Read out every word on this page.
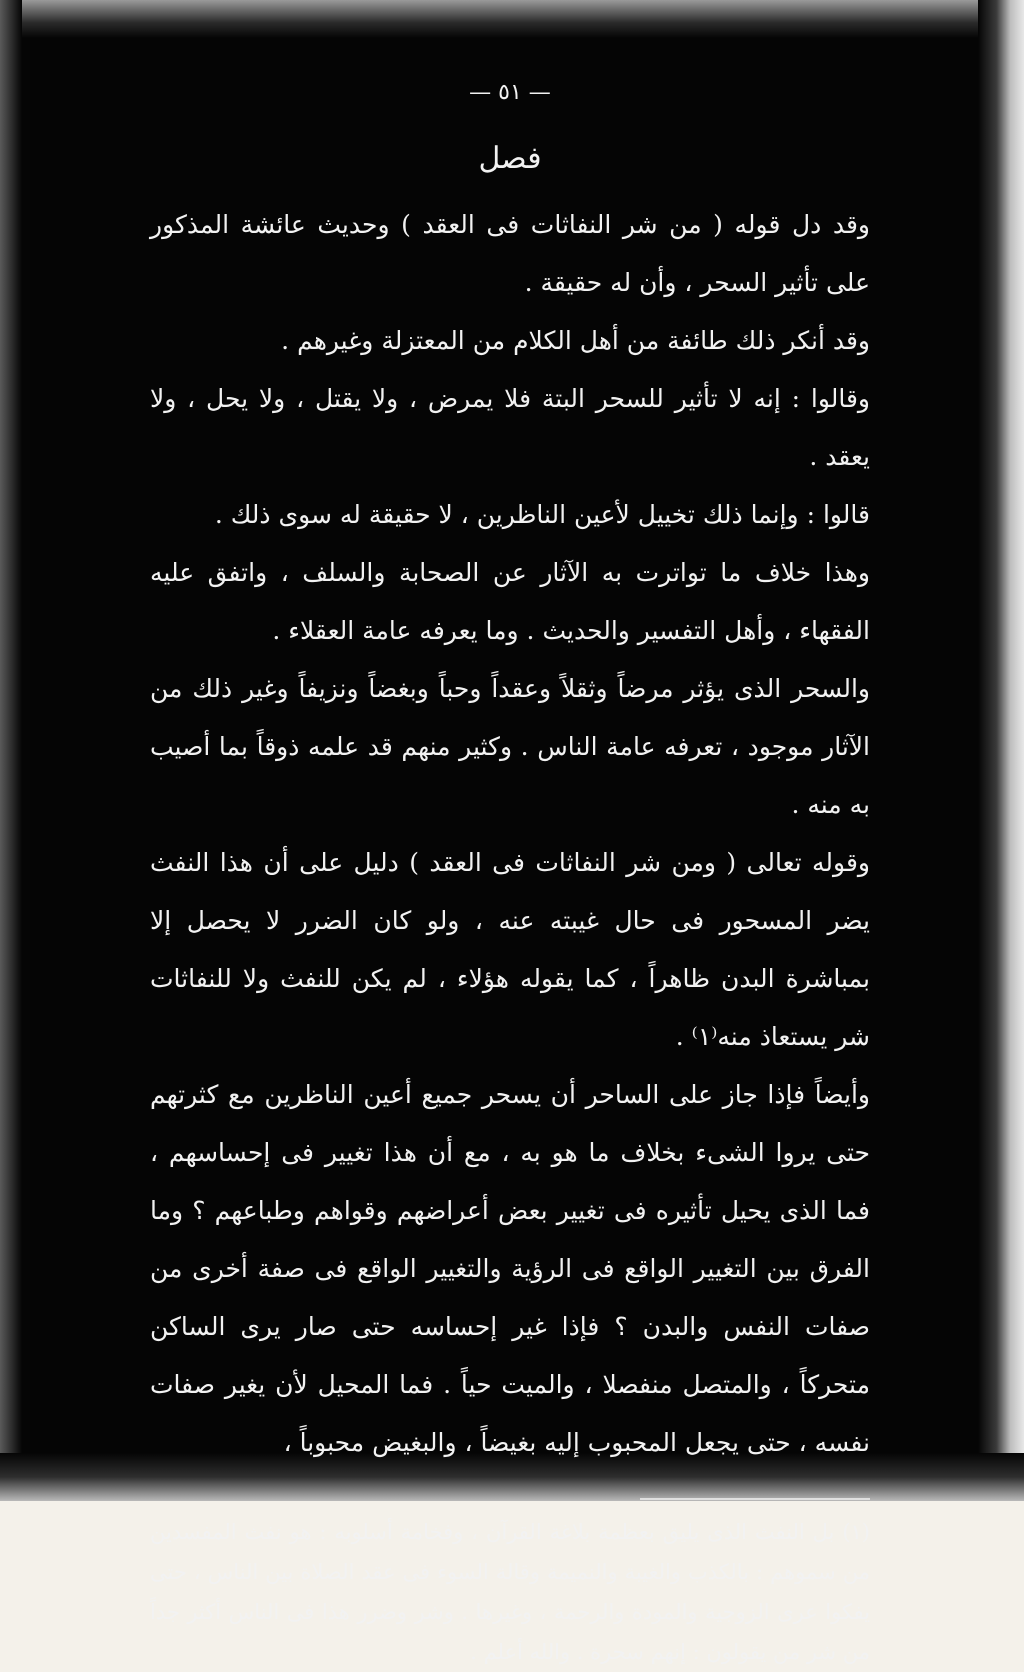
— ٥١ —
فصل

وقد دل قوله ( من شر النفاثات فى العقد ) وحديث عائشة المذكور على تأثير السحر ، وأن له حقيقة .

وقد أنكر ذلك طائفة من أهل الكلام من المعتزلة وغيرهم .

وقالوا : إنه لا تأثير للسحر البتة فلا يمرض ، ولا يقتل ، ولا يحل ، ولا يعقد .

قالوا : وإنما ذلك تخييل لأعين الناظرين ، لا حقيقة له سوى ذلك .

وهذا خلاف ما تواترت به الآثار عن الصحابة والسلف ، واتفق عليه الفقهاء ، وأهل التفسير والحديث . وما يعرفه عامة العقلاء .

والسحر الذى يؤثر مرضاً وثقلاً وعقداً وحباً وبغضاً ونزيفاً وغير ذلك من الآثار موجود ، تعرفه عامة الناس . وكثير منهم قد علمه ذوقاً بما أصيب به منه .

وقوله تعالى ( ومن شر النفاثات فى العقد ) دليل على أن هذا النفث يضر المسحور فى حال غيبته عنه ، ولو كان الضرر لا يحصل إلا بمباشرة البدن ظاهراً ، كما يقوله هؤلاء ، لم يكن للنفث ولا للنفاثات شر يستعاذ منه⁽١⁾ .

وأيضاً فإذا جاز على الساحر أن يسحر جميع أعين الناظرين مع كثرتهم حتى يروا الشىء بخلاف ما هو به ، مع أن هذا تغيير فى إحساسهم ، فما الذى يحيل تأثيره فى تغيير بعض أعراضهم وقواهم وطباعهم ؟ وما الفرق بين التغيير الواقع فى الرؤية والتغيير الواقع فى صفة أخرى من صفات النفس والبدن ؟ فإذا غير إحساسه حتى صار يرى الساكن متحركاً ، والمتصل منفصلا ، والميت حياً . فما المحيل لأن يغير صفات نفسه ، حتى يجعل المحبوب إليه بغيضاً ، والبغيض محبوباً ،

(١) بل النفث الذى يليق بعظمة بلاغة القرآن ، وفخامة أسلوبه : هو نفث المفسدين من سموهم : بالكذب والغيبة والنميمة وقالة السوء فى عقد الصلاة بين الناس ، حتى يفكوا عرى الزوجية والمودة والرحمة ، وغيرها . وشر وضرر هذا فى الناس أكثر جداً من شر من يقولون : إنهم سحرة . والله أعلم .
